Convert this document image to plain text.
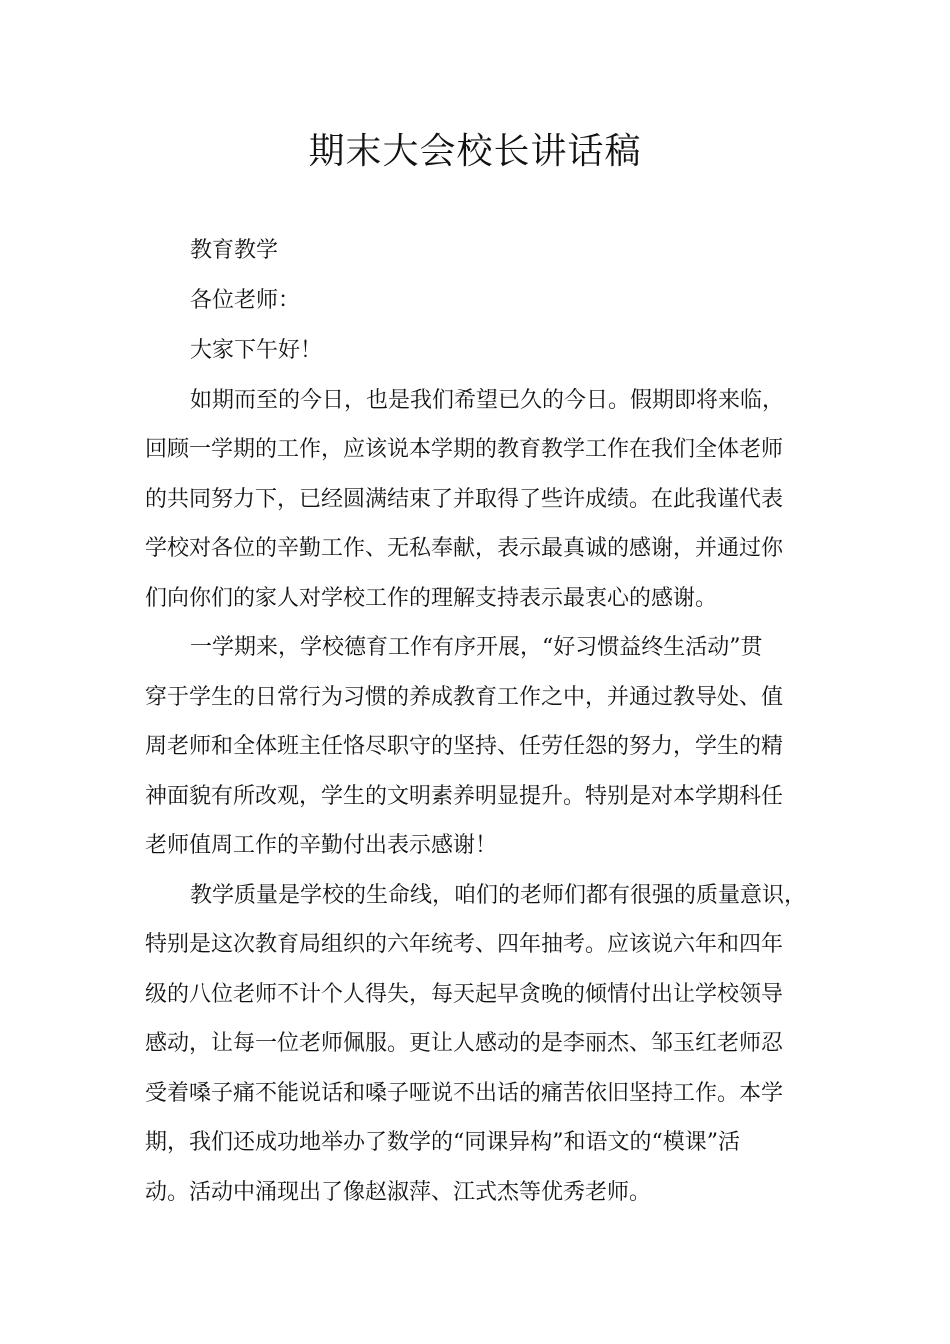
期末大会校长讲话稿

教育教学

各位老师：

大家下午好！

如期而至的今日，也是我们希望已久的今日。假期即将来临，

回顾一学期的工作，应该说本学期的教育教学工作在我们全体老师

的共同努力下，已经圆满结束了并取得了些许成绩。在此我谨代表

学校对各位的辛勤工作、无私奉献，表示最真诚的感谢，并通过你

们向你们的家人对学校工作的理解支持表示最衷心的感谢。

一学期来，学校德育工作有序开展，“好习惯益终生活动”贯

穿于学生的日常行为习惯的养成教育工作之中，并通过教导处、值

周老师和全体班主任恪尽职守的坚持、任劳任怨的努力，学生的精

神面貌有所改观，学生的文明素养明显提升。特别是对本学期科任

老师值周工作的辛勤付出表示感谢！

教学质量是学校的生命线，咱们的老师们都有很强的质量意识，

特别是这次教育局组织的六年统考、四年抽考。应该说六年和四年

级的八位老师不计个人得失，每天起早贪晚的倾情付出让学校领导

感动，让每一位老师佩服。更让人感动的是李丽杰、邹玉红老师忍

受着嗓子痛不能说话和嗓子哑说不出话的痛苦依旧坚持工作。本学

期，我们还成功地举办了数学的“同课异构”和语文的“模课”活

动。活动中涌现出了像赵淑萍、江式杰等优秀老师。
